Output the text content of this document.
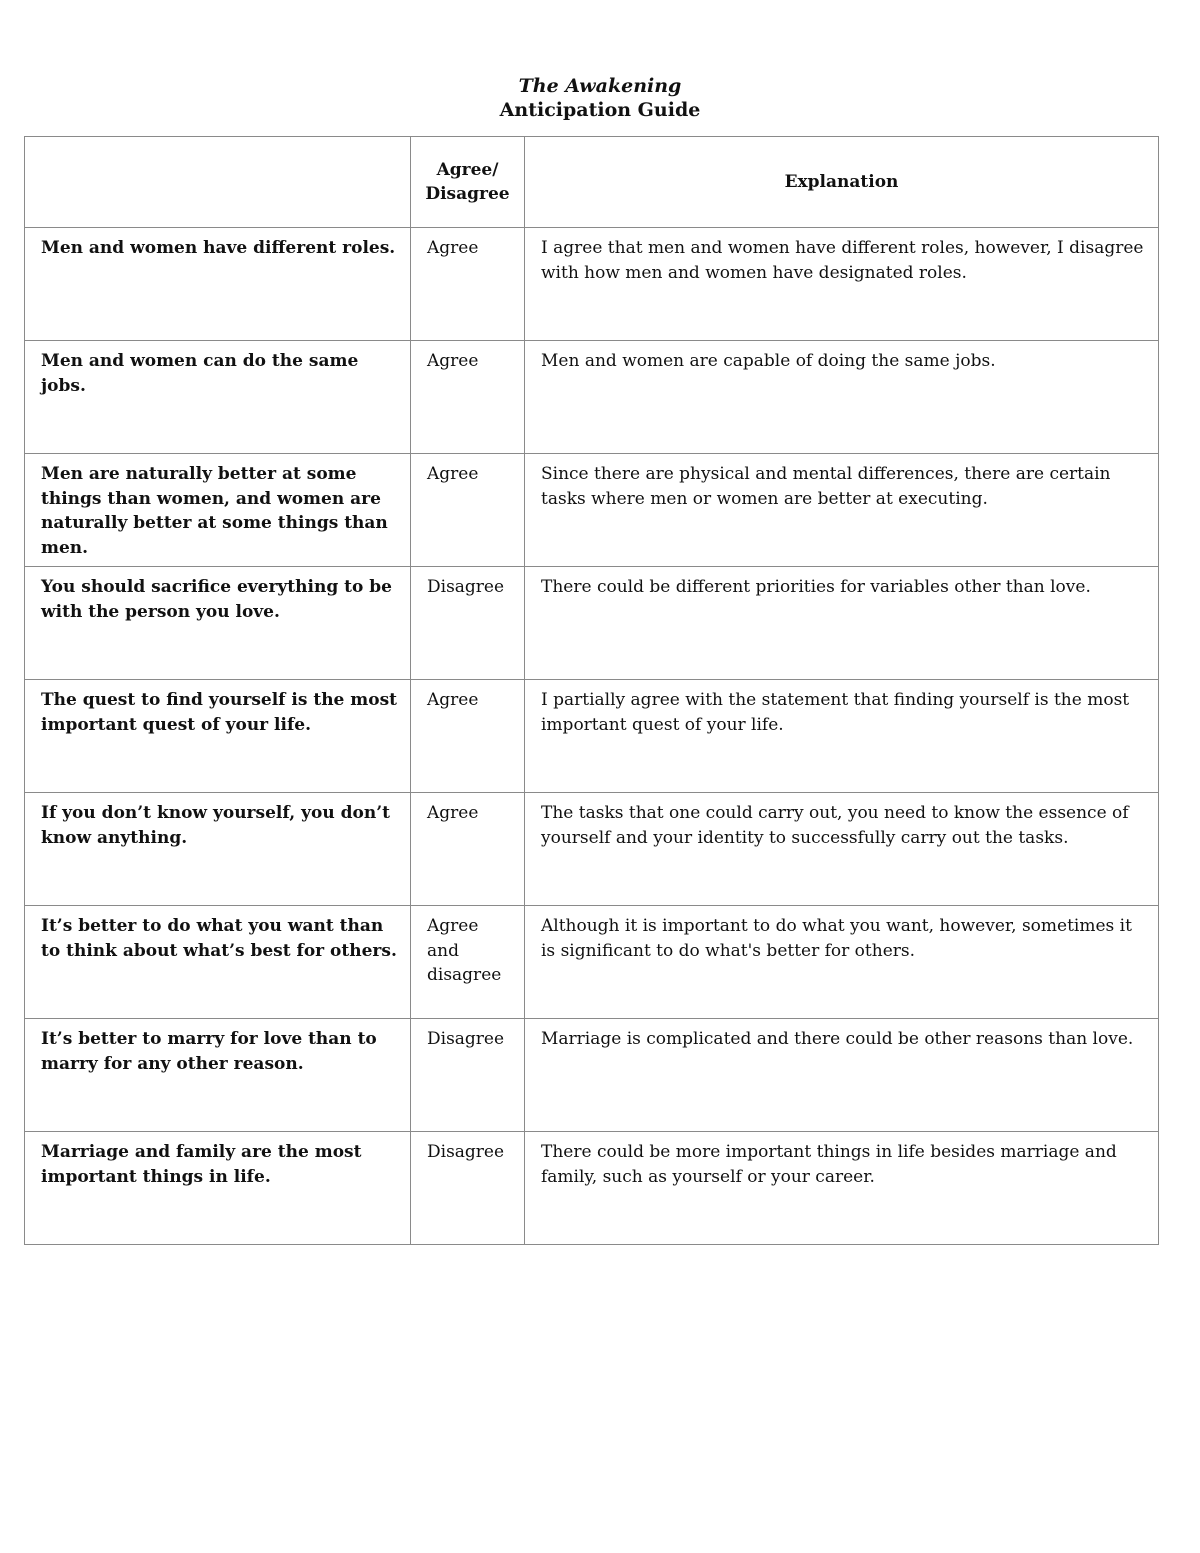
The Awakening
Anticipation Guide
	Agree/ Disagree	Explanation
Men and women have different roles.	Agree	I agree that men and women have different roles, however, I disagree with how men and women have designated roles.
Men and women can do the same jobs.	Agree	Men and women are capable of doing the same jobs.
Men are naturally better at some things than women, and women are naturally better at some things than men.	Agree	Since there are physical and mental differences, there are certain tasks where men or women are better at executing.
You should sacrifice everything to be with the person you love.	Disagree	There could be different priorities for variables other than love.
The quest to find yourself is the most important quest of your life.	Agree	I partially agree with the statement that finding yourself is the most important quest of your life.
If you don’t know yourself, you don’t know anything.	Agree	The tasks that one could carry out, you need to know the essence of yourself and your identity to successfully carry out the tasks.
It’s better to do what you want than to think about what’s best for others.	Agree and disagree	Although it is important to do what you want, however, sometimes it is significant to do what's better for others.
It’s better to marry for love than to marry for any other reason.	Disagree	Marriage is complicated and there could be other reasons than love.
Marriage and family are the most important things in life.	Disagree	There could be more important things in life besides marriage and family, such as yourself or your career.
